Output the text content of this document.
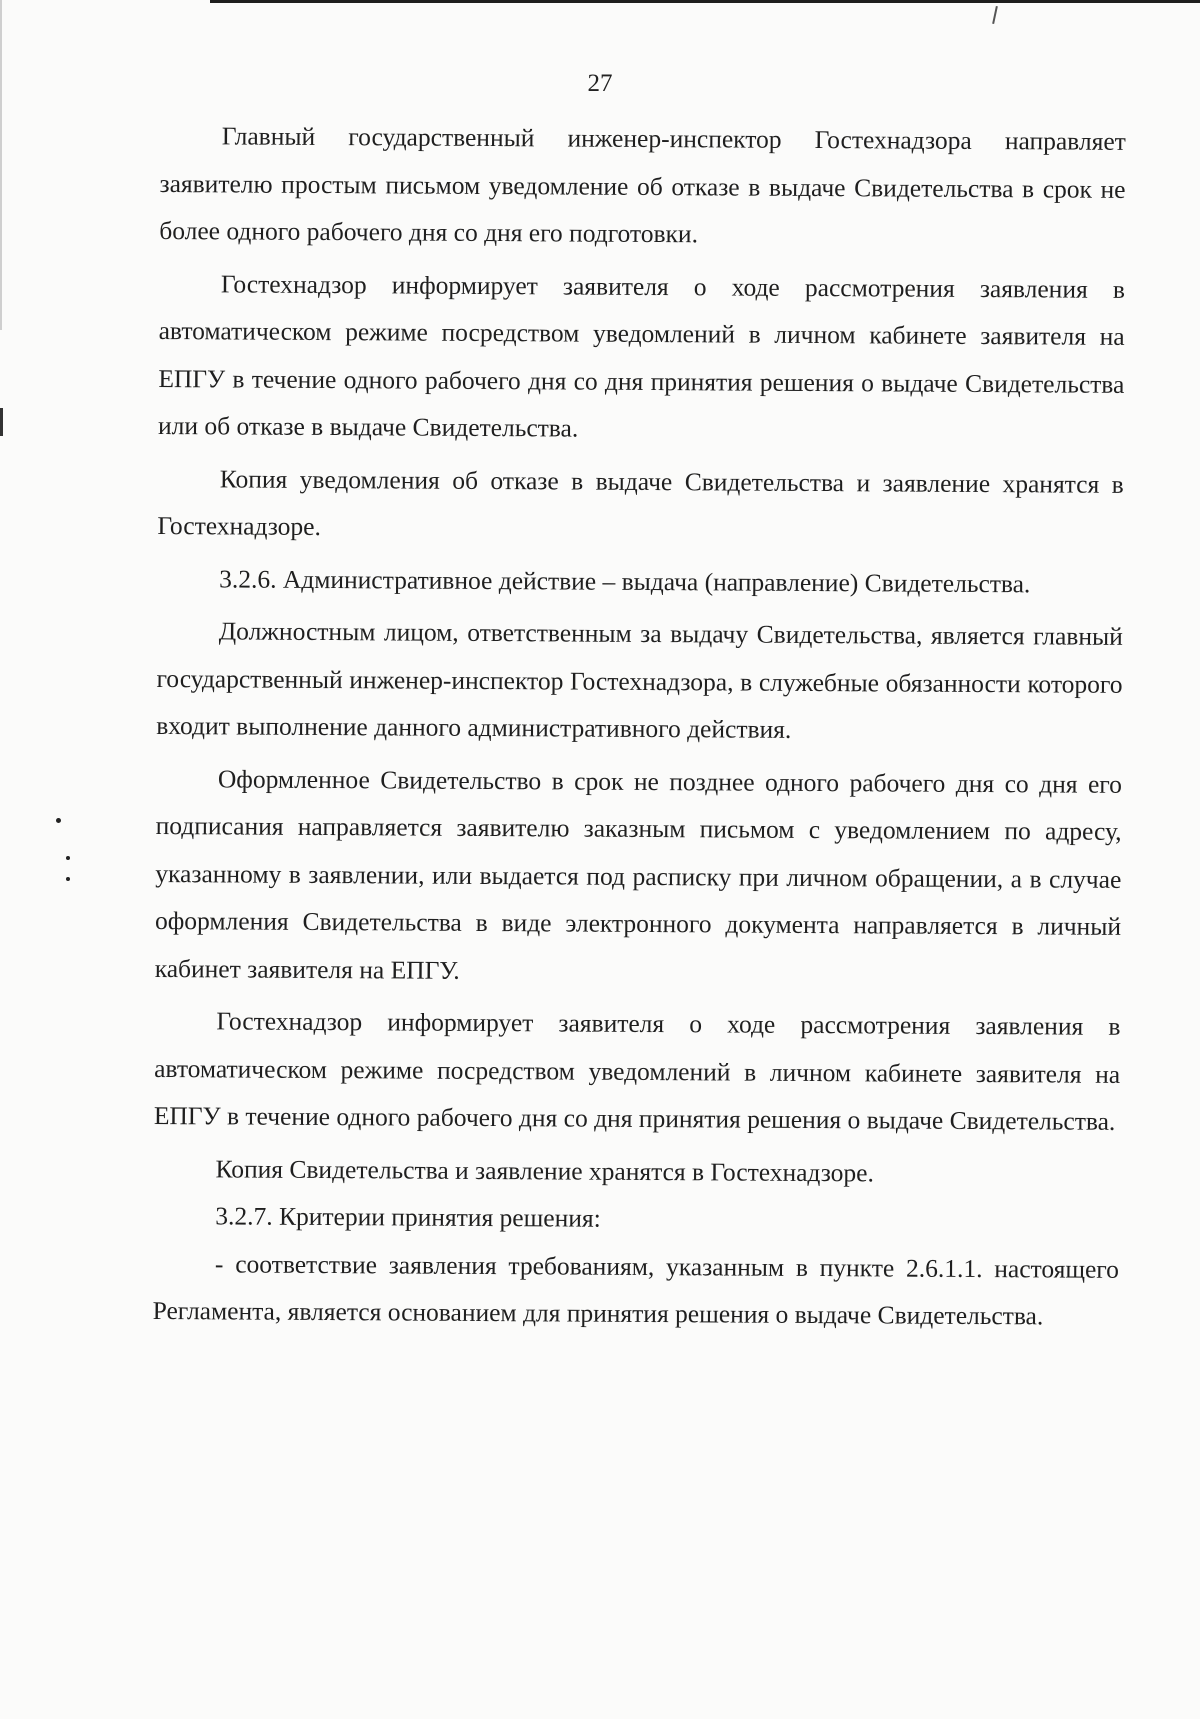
27

Главный государственный инженер-инспектор Гостехнадзора направляет заявителю простым письмом уведомление об отказе в выдаче Свидетельства в срок не более одного рабочего дня со дня его подготовки.

Гостехнадзор информирует заявителя о ходе рассмотрения заявления в автоматическом режиме посредством уведомлений в личном кабинете заявителя на ЕПГУ в течение одного рабочего дня со дня принятия решения о выдаче Свидетельства или об отказе в выдаче Свидетельства.

Копия уведомления об отказе в выдаче Свидетельства и заявление хранятся в Гостехнадзоре.

3.2.6. Административное действие – выдача (направление) Свидетельства.

Должностным лицом, ответственным за выдачу Свидетельства, является главный государственный инженер-инспектор Гостехнадзора, в служебные обязанности которого входит выполнение данного административного действия.

Оформленное Свидетельство в срок не позднее одного рабочего дня со дня его подписания направляется заявителю заказным письмом с уведомлением по адресу, указанному в заявлении, или выдается под расписку при личном обращении, а в случае оформления Свидетельства в виде электронного документа направляется в личный кабинет заявителя на ЕПГУ.

Гостехнадзор информирует заявителя о ходе рассмотрения заявления в автоматическом режиме посредством уведомлений в личном кабинете заявителя на ЕПГУ в течение одного рабочего дня со дня принятия решения о выдаче Свидетельства.

Копия Свидетельства и заявление хранятся в Гостехнадзоре.

3.2.7. Критерии принятия решения:

- соответствие заявления требованиям, указанным в пункте 2.6.1.1. настоящего Регламента, является основанием для принятия решения о выдаче Свидетельства.
